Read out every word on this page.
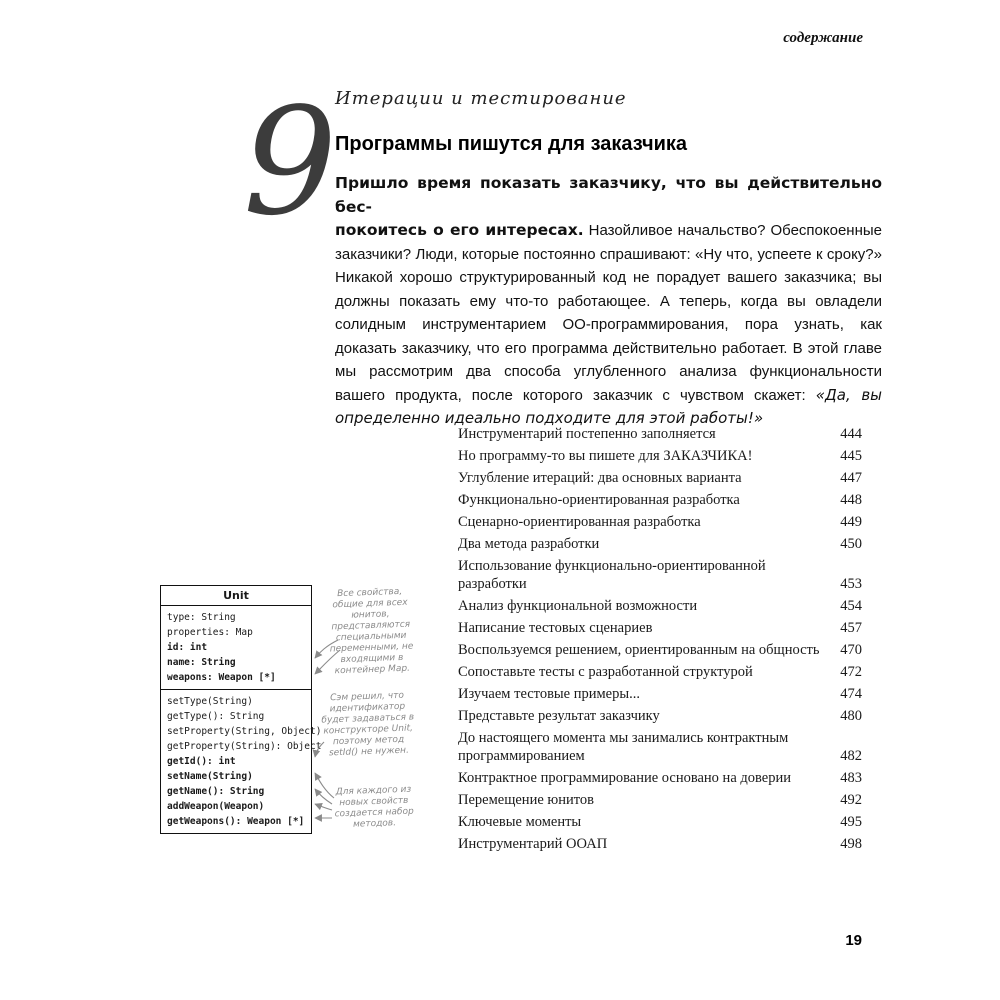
содержание
9
Итерации и тестирование
Программы пишутся для заказчика
Пришло время показать заказчику, что вы действительно бес-
покоитесь о его интересах. Назойливое начальство? Обеспокоенные заказчики? Люди, которые постоянно спрашивают: «Ну что, успеете к сроку?» Никакой хорошо структурированный код не порадует вашего заказчика; вы должны показать ему что-то работающее. А теперь, когда вы овладели солидным инструментарием ОО-программирования, пора узнать, как доказать заказчику, что его программа действительно работает. В этой главе мы рассмотрим два способа углубленного анализа функциональности вашего продукта, после которого заказчик с чувством скажет: «Да, вы определенно идеально подходите для этой работы!»
Инструментарий постепенно заполняется	444
Но программу-то вы пишете для ЗАКАЗЧИКА!	445
Углубление итераций: два основных варианта	447
Функционально-ориентированная разработка	448
Сценарно-ориентированная разработка	449
Два метода разработки	450
Использование функционально-ориентированной разработки	453
Анализ функциональной возможности	454
Написание тестовых сценариев	457
Воспользуемся решением, ориентированным на общность 470
Сопоставьте тесты с разработанной структурой	472
Изучаем тестовые примеры...	474
Представьте результат заказчику	480
До настоящего момента мы занимались контрактным программированием	482
Контрактное программирование основано на доверии	483
Перемещение юнитов	492
Ключевые моменты	495
Инструментарий ООАП	498
Unit
type: String
properties: Map
id: int
name: String
weapons: Weapon [*]
setType(String)
getType(): String
setProperty(String, Object)
getProperty(String): Object
getId(): int
setName(String)
getName(): String
addWeapon(Weapon)
getWeapons(): Weapon [*]
Все свойства, общие для всех юнитов, представляются специальными переменными, не входящими в контейнер Map.
Сэм решил, что идентификатор будет задаваться в конструкторе Unit, поэтому метод setId() не нужен.
Для каждого из новых свойств создается набор методов.
19
